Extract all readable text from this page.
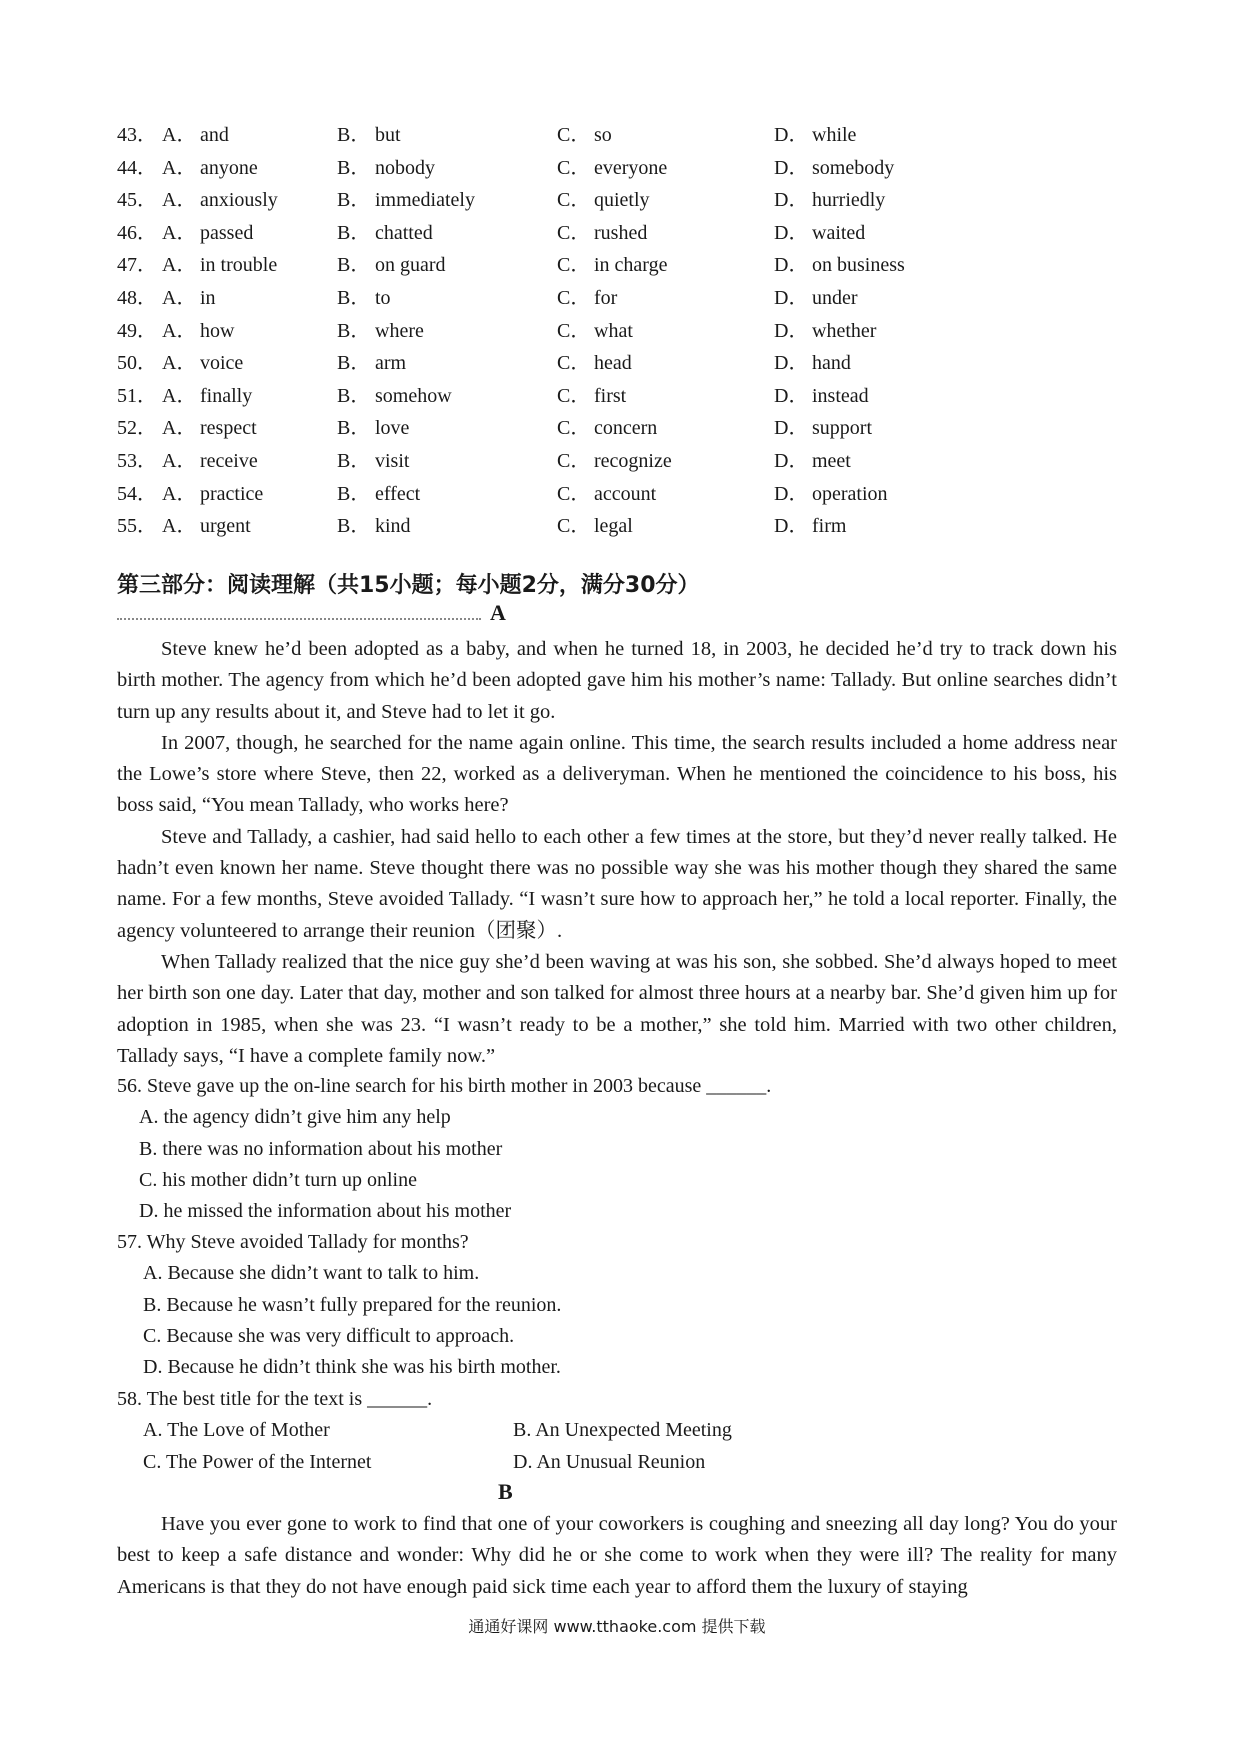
43． A． and	B． but	C． so	D． while
44． A． anyone	B． nobody	C． everyone	D． somebody
45． A． anxiously	B． immediately	C． quietly	D． hurriedly
46． A． passed	B． chatted	C． rushed	D． waited
47． A． in trouble	B． on guard	C． in charge	D． on business
48． A． in	B． to	C． for	D． under
49． A． how	B． where	C． what	D． whether
50． A． voice	B． arm	C． head	D． hand
51． A． finally	B． somehow	C． first	D． instead
52． A． respect	B． love	C． concern	D． support
53． A． receive	B． visit	C． recognize	D． meet
54． A． practice	B． effect	C． account	D． operation
55． A． urgent	B． kind	C． legal	D． firm
第三部分：阅读理解（共15小题；每小题2分，满分30分）
A

Steve knew he’d been adopted as a baby, and when he turned 18, in 2003, he decided he’d try to track down his birth mother. The agency from which he’d been adopted gave him his mother’s name: Tallady. But online searches didn’t turn up any results about it, and Steve had to let it go.

In 2007, though, he searched for the name again online. This time, the search results included a home address near the Lowe’s store where Steve, then 22, worked as a deliveryman. When he mentioned the coincidence to his boss, his boss said, “You mean Tallady, who works here?

Steve and Tallady, a cashier, had said hello to each other a few times at the store, but they’d never really talked. He hadn’t even known her name. Steve thought there was no possible way she was his mother though they shared the same name. For a few months, Steve avoided Tallady. “I wasn’t sure how to approach her,” he told a local reporter. Finally, the agency volunteered to arrange their reunion（团聚）.

When Tallady realized that the nice guy she’d been waving at was his son, she sobbed. She’d always hoped to meet her birth son one day. Later that day, mother and son talked for almost three hours at a nearby bar. She’d given him up for adoption in 1985, when she was 23. “I wasn’t ready to be a mother,” she told him. Married with two other children, Tallady says, “I have a complete family now.”

56. Steve gave up the on-line search for his birth mother in 2003 because ______.
A. the agency didn’t give him any help
B. there was no information about his mother
C. his mother didn’t turn up online
D. he missed the information about his mother
57. Why Steve avoided Tallady for months?
A. Because she didn’t want to talk to him.
B. Because he wasn’t fully prepared for the reunion.
C. Because she was very difficult to approach.
D. Because he didn’t think she was his birth mother.
58. The best title for the text is ______.
A. The Love of Mother	B. An Unexpected Meeting
C. The Power of the Internet	D. An Unusual Reunion
B

Have you ever gone to work to find that one of your coworkers is coughing and sneezing all day long? You do your best to keep a safe distance and wonder: Why did he or she come to work when they were ill? The reality for many Americans is that they do not have enough paid sick time each year to afford them the luxury of staying

通通好课网 www.tthaoke.com 提供下载
